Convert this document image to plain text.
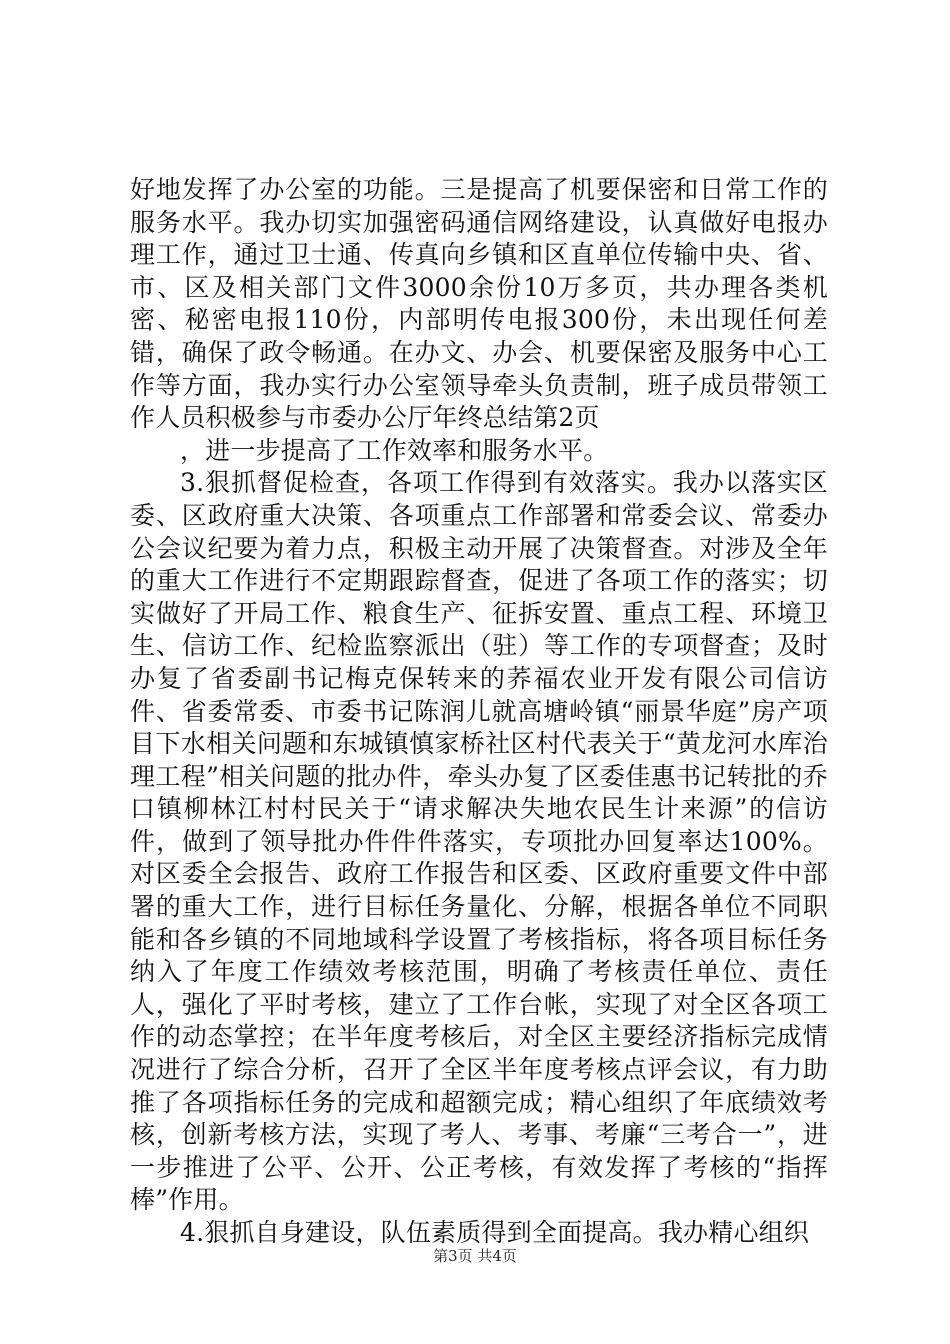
好地发挥了办公室的功能。三是提高了机要保密和日常工作的服务水平。我办切实加强密码通信网络建设，认真做好电报办理工作，通过卫士通、传真向乡镇和区直单位传输中央、省、市、区及相关部门文件3000余份10万多页，共办理各类机密、秘密电报110份，内部明传电报300份，未出现任何差错，确保了政令畅通。在办文、办会、机要保密及服务中心工作等方面，我办实行办公室领导牵头负责制，班子成员带领工作人员积极参与市委办公厅年终总结第2页

，进一步提高了工作效率和服务水平。

3.狠抓督促检查，各项工作得到有效落实。我办以落实区委、区政府重大决策、各项重点工作部署和常委会议、常委办公会议纪要为着力点，积极主动开展了决策督查。对涉及全年的重大工作进行不定期跟踪督查，促进了各项工作的落实；切实做好了开局工作、粮食生产、征拆安置、重点工程、环境卫生、信访工作、纪检监察派出（驻）等工作的专项督查；及时办复了省委副书记梅克保转来的荞福农业开发有限公司信访件、省委常委、市委书记陈润儿就高塘岭镇“丽景华庭”房产项目下水相关问题和东城镇慎家桥社区村代表关于“黄龙河水库治理工程”相关问题的批办件，牵头办复了区委佳惠书记转批的乔口镇柳林江村村民关于“请求解决失地农民生计来源”的信访件，做到了领导批办件件件落实，专项批办回复率达100%。对区委全会报告、政府工作报告和区委、区政府重要文件中部署的重大工作，进行目标任务量化、分解，根据各单位不同职能和各乡镇的不同地域科学设置了考核指标，将各项目标任务纳入了年度工作绩效考核范围，明确了考核责任单位、责任人，强化了平时考核，建立了工作台帐，实现了对全区各项工作的动态掌控；在半年度考核后，对全区主要经济指标完成情况进行了综合分析，召开了全区半年度考核点评会议，有力助推了各项指标任务的完成和超额完成；精心组织了年底绩效考核，创新考核方法，实现了考人、考事、考廉“三考合一”，进一步推进了公平、公开、公正考核，有效发挥了考核的“指挥棒”作用。

4.狠抓自身建设，队伍素质得到全面提高。我办精心组织

第3页 共4页
